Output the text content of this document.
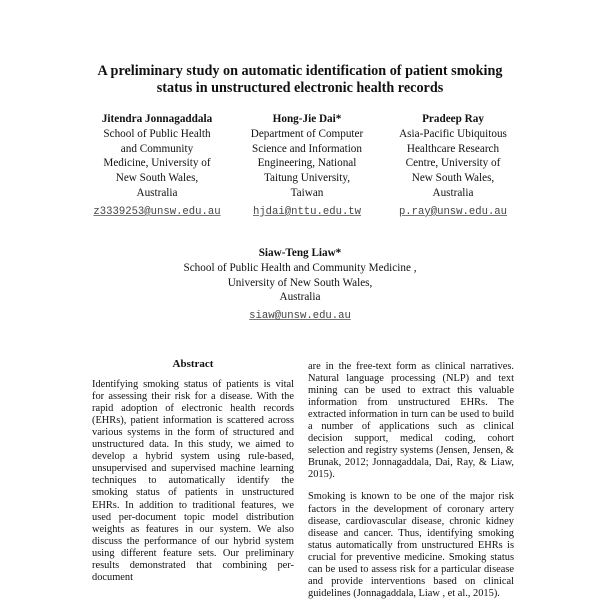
A preliminary study on automatic identification of patient smoking
status in unstructured electronic health records
Jitendra Jonnagaddala
School of Public Health
and Community
Medicine, University of
New South Wales,
Australia
z3339253@unsw.edu.au
Hong-Jie Dai*
Department of Computer
Science and Information
Engineering, National
Taitung University,
Taiwan
hjdai@nttu.edu.tw
Pradeep Ray
Asia-Pacific Ubiquitous
Healthcare Research
Centre, University of
New South Wales,
Australia
p.ray@unsw.edu.au
Siaw-Teng Liaw*
School of Public Health and Community Medicine ,
University of New South Wales,
Australia
siaw@unsw.edu.au
Abstract

Identifying smoking status of patients is vital for assessing their risk for a disease. With the rapid adoption of electronic health records (EHRs), patient information is scattered across various systems in the form of structured and unstructured data. In this study, we aimed to develop a hybrid system using rule-based, unsupervised and supervised machine learning techniques to automatically identify the smoking status of patients in unstructured EHRs. In addition to traditional features, we used per-document topic model distribution weights as features in our system. We also discuss the performance of our hybrid system using different feature sets. Our preliminary results demonstrated that combining per-document

are in the free-text form as clinical narratives. Natural language processing (NLP) and text mining can be used to extract this valuable information from unstructured EHRs. The extracted information in turn can be used to build a number of applications such as clinical decision support, medical coding, cohort selection and registry systems (Jensen, Jensen, & Brunak, 2012; Jonnagaddala, Dai, Ray, & Liaw, 2015).

Smoking is known to be one of the major risk factors in the development of coronary artery disease, cardiovascular disease, chronic kidney disease and cancer. Thus, identifying smoking status automatically from unstructured EHRs is crucial for preventive medicine. Smoking status can be used to assess risk for a particular disease and provide interventions based on clinical guidelines (Jonnagaddala, Liaw , et al., 2015).
